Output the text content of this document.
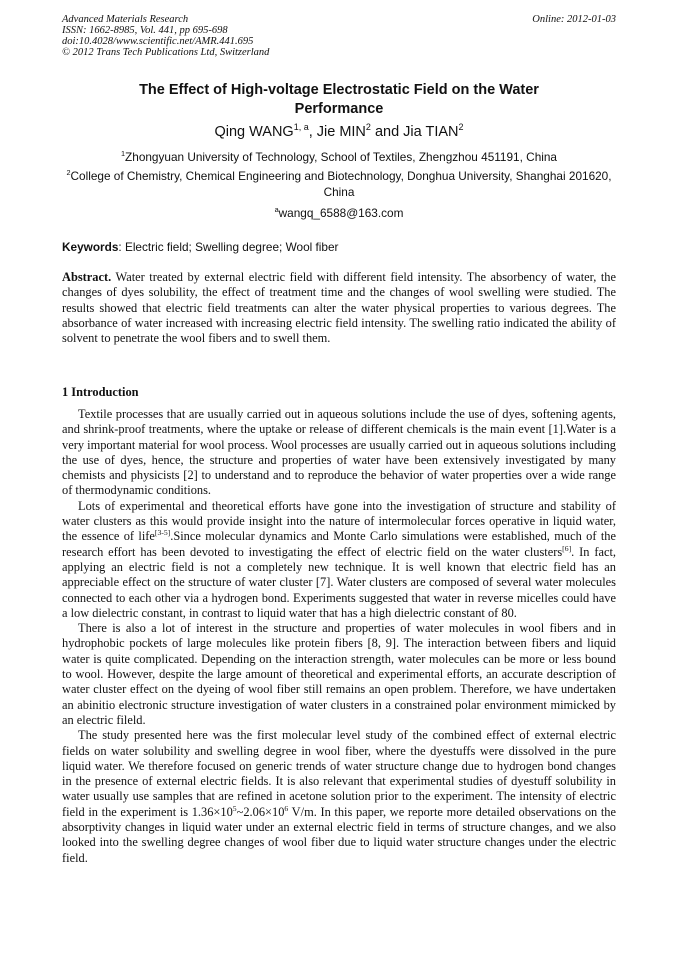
Advanced Materials Research
ISSN: 1662-8985, Vol. 441, pp 695-698
doi:10.4028/www.scientific.net/AMR.441.695
© 2012 Trans Tech Publications Ltd, Switzerland
Online: 2012-01-03
The Effect of High-voltage Electrostatic Field on the Water Performance
Qing WANG$^{1, a}$, Jie MIN$^2$ and Jia TIAN$^2$
$^1$Zhongyuan University of Technology, School of Textiles, Zhengzhou 451191, China
$^2$College of Chemistry, Chemical Engineering and Biotechnology, Donghua University, Shanghai 201620, China
$^a$wangq_6588@163.com
Keywords: Electric field; Swelling degree; Wool fiber
Abstract. Water treated by external electric field with different field intensity. The absorbency of water, the changes of dyes solubility, the effect of treatment time and the changes of wool swelling were studied. The results showed that electric field treatments can alter the water physical properties to various degrees. The absorbance of water increased with increasing electric field intensity. The swelling ratio indicated the ability of solvent to penetrate the wool fibers and to swell them.
1 Introduction

Textile processes that are usually carried out in aqueous solutions include the use of dyes, softening agents, and shrink-proof treatments, where the uptake or release of different chemicals is the main event [1].Water is a very important material for wool process. Wool processes are usually carried out in aqueous solutions including the use of dyes, hence, the structure and properties of water have been extensively investigated by many chemists and physicists [2] to understand and to reproduce the behavior of water properties over a wide range of thermodynamic conditions.

Lots of experimental and theoretical efforts have gone into the investigation of structure and stability of water clusters as this would provide insight into the nature of intermolecular forces operative in liquid water, the essence of life[3-5].Since molecular dynamics and Monte Carlo simulations were established, much of the research effort has been devoted to investigating the effect of electric field on the water clusters[6]. In fact, applying an electric field is not a completely new technique. It is well known that electric field has an appreciable effect on the structure of water cluster [7]. Water clusters are composed of several water molecules connected to each other via a hydrogen bond. Experiments suggested that water in reverse micelles could have a low dielectric constant, in contrast to liquid water that has a high dielectric constant of 80.

There is also a lot of interest in the structure and properties of water molecules in wool fibers and in hydrophobic pockets of large molecules like protein fibers [8, 9]. The interaction between fibers and liquid water is quite complicated. Depending on the interaction strength, water molecules can be more or less bound to wool. However, despite the large amount of theoretical and experimental efforts, an accurate description of water cluster effect on the dyeing of wool fiber still remains an open problem. Therefore, we have undertaken an abinitio electronic structure investigation of water clusters in a constrained polar environment mimicked by an electric fileld.

The study presented here was the first molecular level study of the combined effect of external electric fields on water solubility and swelling degree in wool fiber, where the dyestuffs were dissolved in the pure liquid water. We therefore focused on generic trends of water structure change due to hydrogen bond changes in the presence of external electric fields. It is also relevant that experimental studies of dyestuff solubility in water usually use samples that are refined in acetone solution prior to the experiment. The intensity of electric field in the experiment is $1.36\times 10^5\sim 2.06\times 10^6$ V/m. In this paper, we reporte more detailed observations on the absorptivity changes in liquid water under an external electric field in terms of structure changes, and we also looked into the swelling degree changes of wool fiber due to liquid water structure changes under the electric field.
